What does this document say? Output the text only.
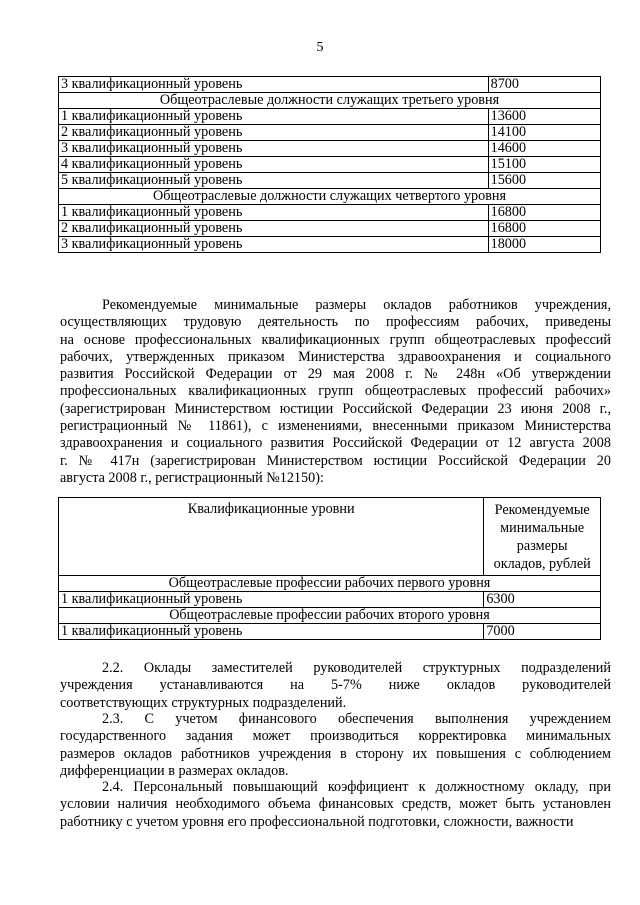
5
3 квалификационный уровень	8700
Общеотраслевые должности служащих третьего уровня	
1 квалификационный уровень	13600
2 квалификационный уровень	14100
3 квалификационный уровень	14600
4 квалификационный уровень	15100
5 квалификационный уровень	15600
Общеотраслевые должности служащих четвертого уровня	
1 квалификационный уровень	16800
2 квалификационный уровень	16800
3 квалификационный уровень	18000
Рекомендуемые минимальные размеры окладов работников учреждения,
осуществляющих трудовую деятельность по профессиям рабочих, приведены
на основе профессиональных квалификационных групп общеотраслевых профессий
рабочих, утвержденных приказом Министерства здравоохранения и социального
развития Российской Федерации от 29 мая 2008 г. № 248н «Об утверждении
профессиональных квалификационных групп общеотраслевых профессий рабочих»
(зарегистрирован Министерством юстиции Российской Федерации 23 июня 2008 г.,
регистрационный № 11861), с изменениями, внесенными приказом Министерства
здравоохранения и социального развития Российской Федерации от 12 августа 2008
г. № 417н (зарегистрирован Министерством юстиции Российской Федерации 20
августа 2008 г., регистрационный №12150):
Квалификационные уровни	Рекомендуемые
минимальные
размеры
окладов, рублей

Общеотраслевые профессии рабочих первого уровня	
1 квалификационный уровень	6300
Общеотраслевые профессии рабочих второго уровня	
1 квалификационный уровень	7000
2.2. Оклады заместителей руководителей структурных подразделений
учреждения устанавливаются на 5-7% ниже окладов руководителей
соответствующих структурных подразделений.
2.3. С учетом финансового обеспечения выполнения учреждением
государственного задания может производиться корректировка минимальных
размеров окладов работников учреждения в сторону их повышения с соблюдением
дифференциации в размерах окладов.
2.4. Персональный повышающий коэффициент к должностному окладу, при
условии наличия необходимого объема финансовых средств, может быть установлен
работнику с учетом уровня его профессиональной подготовки, сложности, важности
